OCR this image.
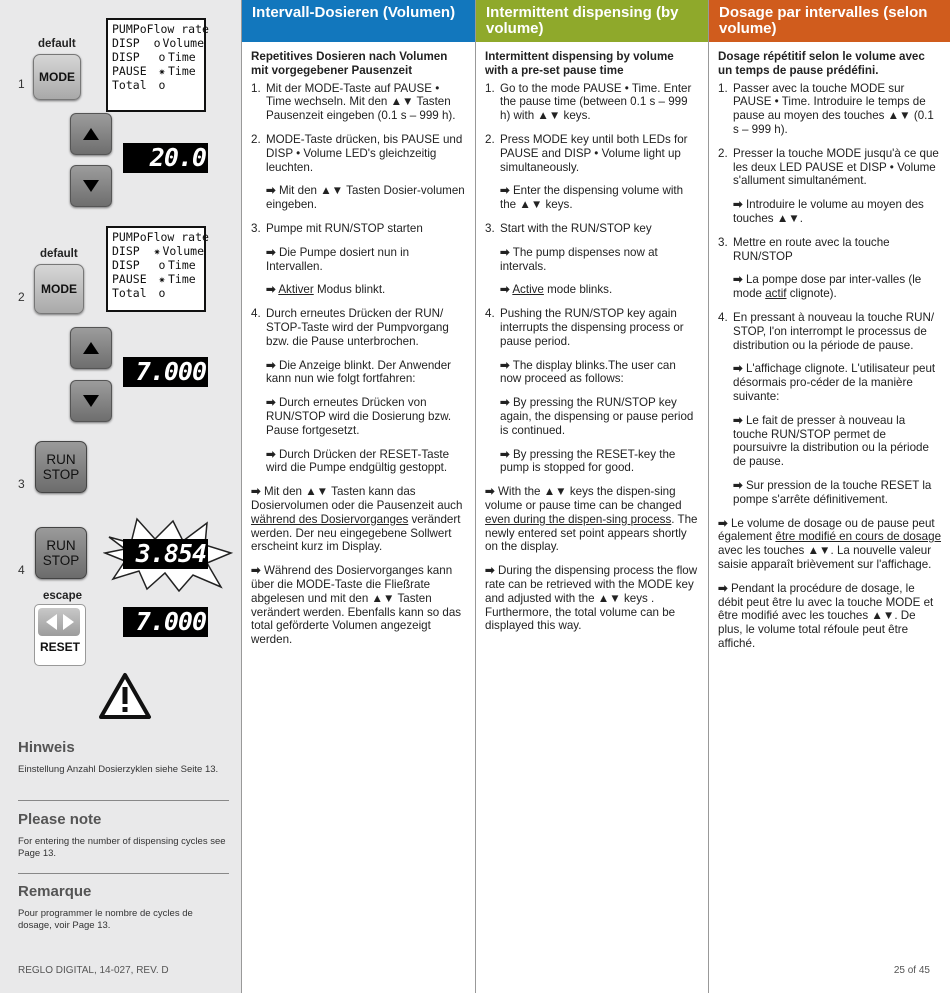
default
1 MODE
PUMP o Flow rate
DISP	o Volume
DISP	o Time
PAUSE	✷ Time
Total	o
20.0
default
2
MODE
PUMP o Flow rate
DISP	✷ Volume
DISP	o Time
PAUSE	✷ Time
Total	o
7.000
3
RUN
STOP
4
RUN
STOP	3.854
escape
RESET
7.000
Hinweis
Einstellung Anzahl Dosierzyklen siehe Seite 13.
Please note
For entering the number of dispensing cycles see Page 13.
Remarque
Pour programmer le nombre de cycles de dosage, voir Page 13.
REGLO DIGITAL, 14-027, REV. D
Intervall-Dosieren (Volumen)

Repetitives Dosieren nach Volumen mit vorgegebener Pausenzeit

1. Mit der MODE-Taste auf PAUSE • Time wechseln. Mit den ▲▼ Tasten Pausenzeit eingeben (0.1 s – 999 h).
2. MODE-Taste drücken, bis PAUSE und DISP • Volume LED's gleichzeitig leuchten.

➡ Mit den ▲▼ Tasten Dosier-volumen eingeben.

3. Pumpe mit RUN/STOP starten

➡ Die Pumpe dosiert nun in Intervallen.

➡ Aktiver Modus blinkt.

4. Durch erneutes Drücken der RUN/ STOP-Taste wird der Pumpvorgang bzw. die Pause unterbrochen.

➡ Die Anzeige blinkt. Der Anwender kann nun wie folgt fortfahren:

➡ Durch erneutes Drücken von RUN/STOP wird die Dosierung bzw. Pause fortgesetzt.

➡ Durch Drücken der RESET-Taste wird die Pumpe endgültig gestoppt.

➡ Mit den ▲▼ Tasten kann das Dosiervolumen oder die Pausenzeit auch während des Dosiervorganges verändert werden. Der neu eingegebene Sollwert erscheint kurz im Display.

➡ Während des Dosiervorganges kann über die MODE-Taste die Fließrate abgelesen und mit den ▲▼ Tasten verändert werden. Ebenfalls kann so das total geförderte Volumen angezeigt werden.

Intermittent dispensing (by volume)

Intermittent dispensing by volume with a pre-set pause time

1. Go to the mode PAUSE • Time. Enter the pause time (between 0.1 s – 999 h) with ▲▼ keys.
2. Press MODE key until both LEDs for PAUSE and DISP • Volume light up simultaneously.

➡ Enter the dispensing volume with the ▲▼ keys.

3. Start with the RUN/STOP key

➡ The pump dispenses now at intervals.

➡ Active mode blinks.

4. Pushing the RUN/STOP key again interrupts the dispensing process or pause period.

➡ The display blinks.The user can now proceed as follows:

➡ By pressing the RUN/STOP key again, the dispensing or pause period is continued.

➡ By pressing the RESET-key the pump is stopped for good.

➡ With the ▲▼ keys the dispen-sing volume or pause time can be changed even during the dispen-sing process. The newly entered set point appears shortly on the display.

➡ During the dispensing process the flow rate can be retrieved with the MODE key and adjusted with the ▲▼ keys . Furthermore, the total volume can be displayed this way.

Dosage par intervalles (selon volume)

Dosage répétitif selon le volume avec un temps de pause prédéfini.

1. Passer avec la touche MODE sur PAUSE • Time. Introduire le temps de pause au moyen des touches ▲▼ (0.1 s – 999 h).
2. Presser la touche MODE jusqu'à ce que les deux LED PAUSE et DISP • Volume s'allument simultanément.

➡ Introduire le volume au moyen des touches ▲▼.

3. Mettre en route avec la touche RUN/STOP

➡ La pompe dose par inter-valles (le mode actif clignote).

4. En pressant à nouveau la touche RUN/ STOP, l'on interrompt le processus de distribution ou la période de pause.

➡ L'affichage clignote. L'utilisateur peut désormais pro-céder de la manière suivante:

➡ Le fait de presser à nouveau la touche RUN/STOP permet de poursuivre la distribution ou la période de pause.

➡ Sur pression de la touche RESET la pompe s'arrête définitivement.

➡ Le volume de dosage ou de pause peut également être modifié en cours de dosage avec les touches ▲▼. La nouvelle valeur saisie apparaît brièvement sur l'affichage.

➡ Pendant la procédure de dosage, le débit peut être lu avec la touche MODE et être modifié avec les touches ▲▼. De plus, le volume total réfoule peut être affiché.

25 of 45
